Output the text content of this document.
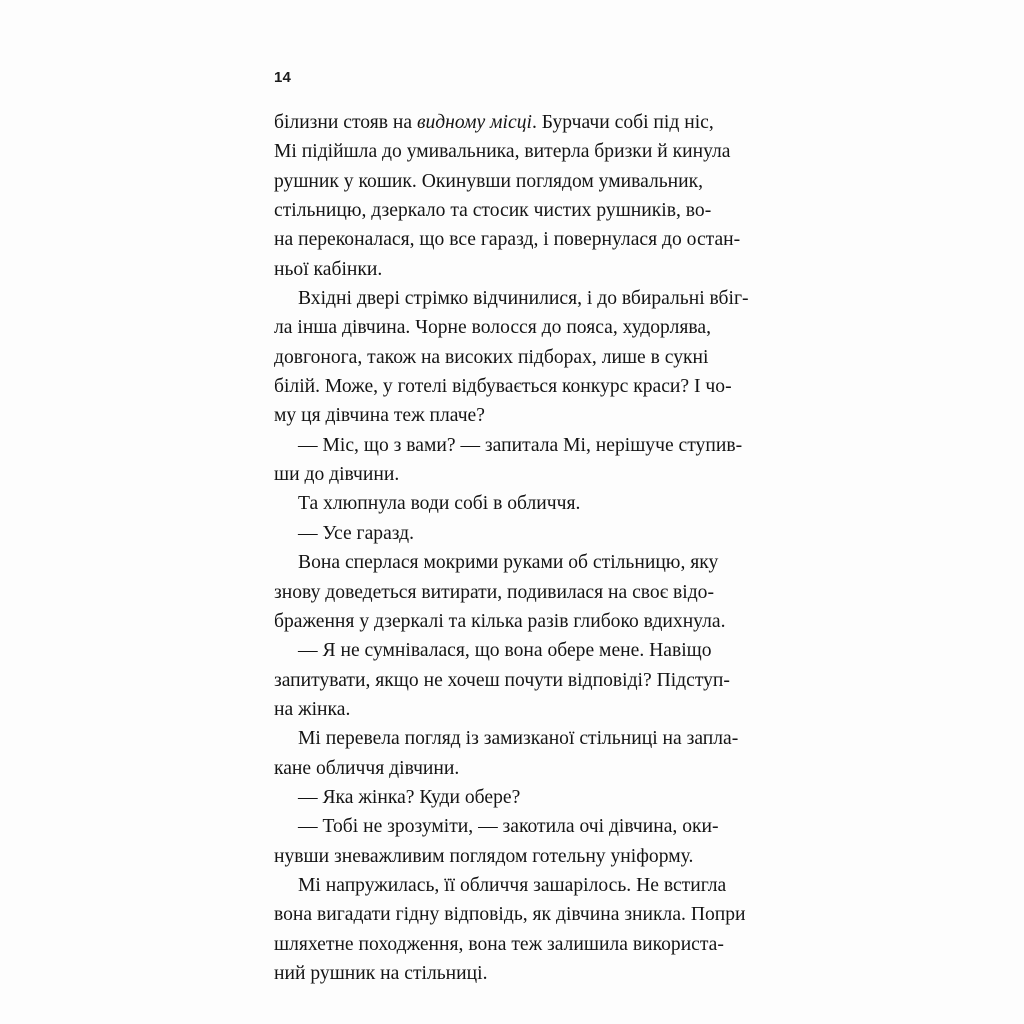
14

білизни стояв на видному місці. Бурчачи собі під ніс,
Мі підійшла до умивальника, витерла бризки й кинула
рушник у кошик. Окинувши поглядом умивальник,
стільницю, дзеркало та стосик чистих рушників, во-
на переконалася, що все гаразд, і повернулася до остан-
ньої кабінки.

Вхідні двері стрімко відчинилися, і до вбиральні вбіг-
ла інша дівчина. Чорне волосся до пояса, худорлява,
довгонога, також на високих підборах, лише в сукні
білій. Може, у готелі відбувається конкурс краси? І чо-
му ця дівчина теж плаче?

— Міс, що з вами? — запитала Мі, нерішуче ступив-
ши до дівчини.

Та хлюпнула води собі в обличчя.

— Усе гаразд.

Вона сперлася мокрими руками об стільницю, яку
знову доведеться витирати, подивилася на своє відо-
браження у дзеркалі та кілька разів глибоко вдихнула.

— Я не сумнівалася, що вона обере мене. Навіщо
запитувати, якщо не хочеш почути відповіді? Підступ-
на жінка.

Мі перевела погляд із замизканої стільниці на запла-
кане обличчя дівчини.

— Яка жінка? Куди обере?

— Тобі не зрозуміти, — закотила очі дівчина, оки-
нувши зневажливим поглядом готельну уніформу.

Мі напружилась, її обличчя зашарілось. Не встигла
вона вигадати гідну відповідь, як дівчина зникла. Попри
шляхетне походження, вона теж залишила використа-
ний рушник на стільниці.
